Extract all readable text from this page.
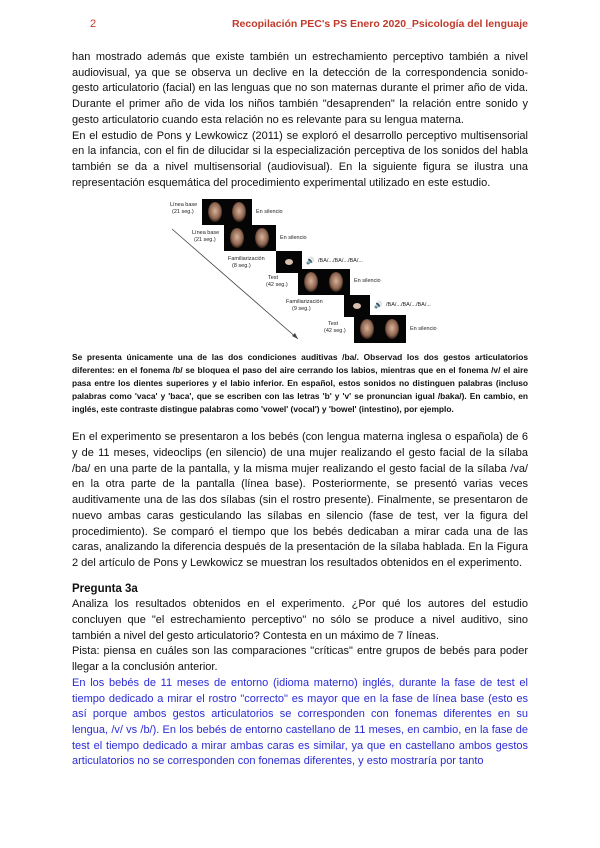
2	Recopilación PEC's PS Enero 2020_Psicología del lenguaje

han mostrado además que existe también un estrechamiento perceptivo también a nivel audiovisual, ya que se observa un declive en la detección de la correspondencia sonido-gesto articulatorio (facial) en las lenguas que no son maternas durante el primer año de vida. Durante el primer año de vida los niños también "desaprenden" la relación entre sonido y gesto articulatorio cuando esta relación no es relevante para su lengua materna.

En el estudio de Pons y Lewkowicz (2011) se exploró el desarrollo perceptivo multisensorial en la infancia, con el fin de dilucidar si la especialización perceptiva de los sonidos del habla también se da a nivel multisensorial (audiovisual). En la siguiente figura se ilustra una representación esquemática del procedimiento experimental utilizado en este estudio.

Línea base
(21 seg.)	En silencio
Línea base
(21 seg.)	En silencio
Familiarización
(8 seg.)
🔊 /BA/.../BA/.../BA/...
Test
(42 seg.)
En silencio
Familiarización
(9 seg.)	🔊 /BA/.../BA/.../BA/...
Test
(42 seg.)	En silencio

Se presenta únicamente una de las dos condiciones auditivas /ba/. Observad los dos gestos articulatorios diferentes: en el fonema /b/ se bloquea el paso del aire cerrando los labios, mientras que en el fonema /v/ el aire pasa entre los dientes superiores y el labio inferior. En español, estos sonidos no distinguen palabras (incluso palabras como 'vaca' y 'baca', que se escriben con las letras 'b' y 'v' se pronuncian igual /baka/). En cambio, en inglés, este contraste distingue palabras como 'vowel' (vocal') y 'bowel' (intestino), por ejemplo.

En el experimento se presentaron a los bebés (con lengua materna inglesa o española) de 6 y de 11 meses, videoclips (en silencio) de una mujer realizando el gesto facial de la sílaba /ba/ en una parte de la pantalla, y la misma mujer realizando el gesto facial de la sílaba /va/ en la otra parte de la pantalla (línea base). Posteriormente, se presentó varias veces auditivamente una de las dos sílabas (sin el rostro presente). Finalmente, se presentaron de nuevo ambas caras gesticulando las sílabas en silencio (fase de test, ver la figura del procedimiento). Se comparó el tiempo que los bebés dedicaban a mirar cada una de las caras, analizando la diferencia después de la presentación de la sílaba hablada. En la Figura 2 del artículo de Pons y Lewkowicz se muestran los resultados obtenidos en el experimento.

Pregunta 3a

Analiza los resultados obtenidos en el experimento. ¿Por qué los autores del estudio concluyen que "el estrechamiento perceptivo" no sólo se produce a nivel auditivo, sino también a nivel del gesto articulatorio? Contesta en un máximo de 7 líneas.

Pista: piensa en cuáles son las comparaciones "críticas" entre grupos de bebés para poder llegar a la conclusión anterior.

En los bebés de 11 meses de entorno (idioma materno) inglés, durante la fase de test el tiempo dedicado a mirar el rostro "correcto" es mayor que en la fase de línea base (esto es así porque ambos gestos articulatorios se corresponden con fonemas diferentes en su lengua, /v/ vs /b/). En los bebés de entorno castellano de 11 meses, en cambio, en la fase de test el tiempo dedicado a mirar ambas caras es similar, ya que en castellano ambos gestos articulatorios no se corresponden con fonemas diferentes, y esto mostraría por tanto
